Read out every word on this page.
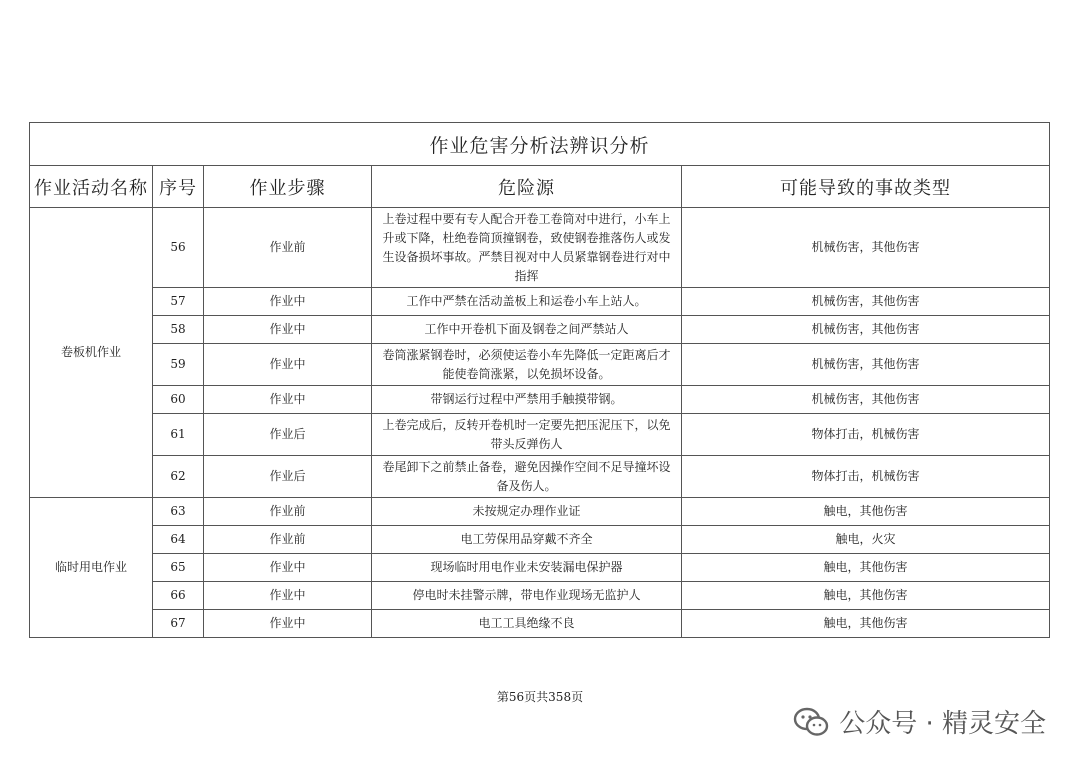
作业危害分析法辨识分析				
作业活动名称	序号	作业步骤	危险源	可能导致的事故类型
卷板机作业	56	作业前	上卷过程中要有专人配合开卷工卷筒对中进行，小车上升或下降，杜绝卷筒顶撞钢卷，致使钢卷推落伤人或发生设备损坏事故。严禁目视对中人员紧靠钢卷进行对中指挥	机械伤害，其他伤害
	57	作业中	工作中严禁在活动盖板上和运卷小车上站人。	机械伤害，其他伤害
	58	作业中	工作中开卷机下面及钢卷之间严禁站人	机械伤害，其他伤害
	59	作业中	卷筒涨紧钢卷时，必须使运卷小车先降低一定距离后才能使卷筒涨紧，以免损坏设备。	机械伤害，其他伤害
	60	作业中	带钢运行过程中严禁用手触摸带钢。	机械伤害，其他伤害
	61	作业后	上卷完成后，反转开卷机时一定要先把压泥压下，以免带头反弹伤人	物体打击，机械伤害
	62	作业后	卷尾卸下之前禁止备卷，避免因操作空间不足导撞坏设备及伤人。	物体打击，机械伤害
临时用电作业	63	作业前	未按规定办理作业证	触电，其他伤害
	64	作业前	电工劳保用品穿戴不齐全	触电，火灾
	65	作业中	现场临时用电作业未安装漏电保护器	触电，其他伤害
	66	作业中	停电时未挂警示牌，带电作业现场无监护人	触电，其他伤害
	67	作业中	电工工具绝缘不良	触电，其他伤害
第56页共358页
公众号 · 精灵安全
